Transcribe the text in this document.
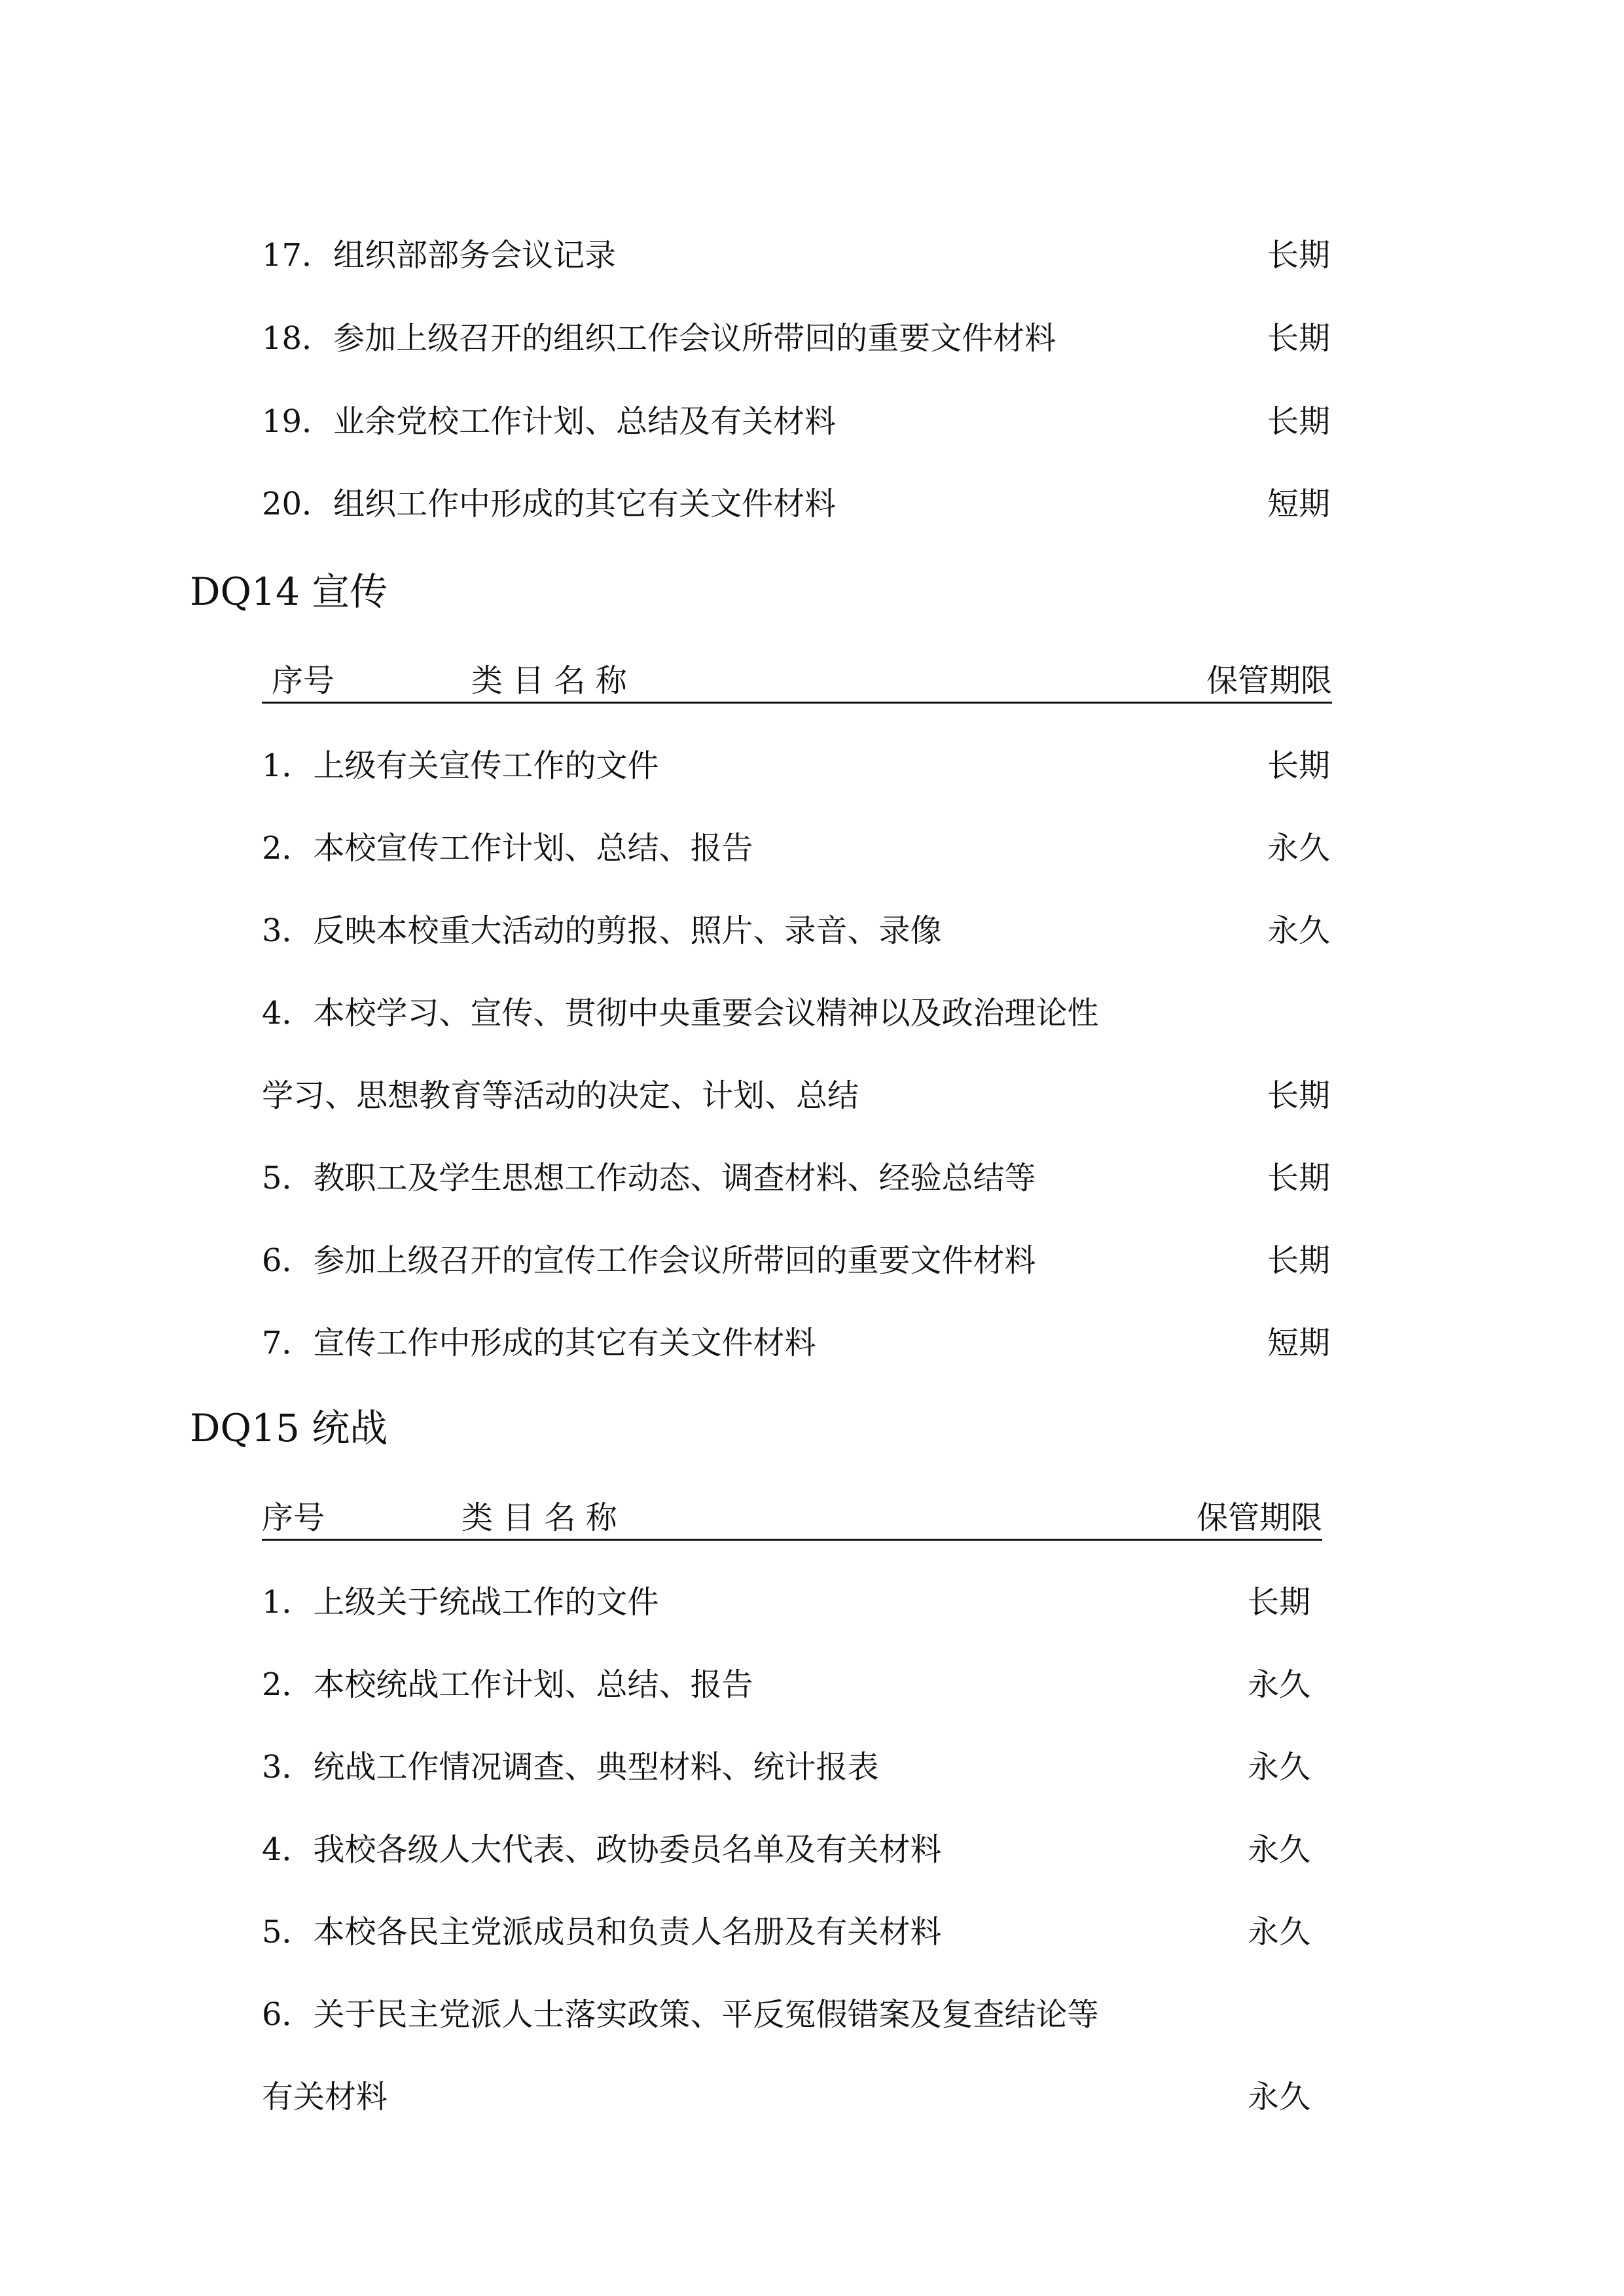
17．组织部部务会议记录	长期
18．参加上级召开的组织工作会议所带回的重要文件材料	长期
19．业余党校工作计划、总结及有关材料	长期
20．组织工作中形成的其它有关文件材料	短期
DQ14 宣传
序号	类 目 名 称	保管期限
1．上级有关宣传工作的文件	长期
2．本校宣传工作计划、总结、报告	永久
3．反映本校重大活动的剪报、照片、录音、录像	永久
4．本校学习、宣传、贯彻中央重要会议精神以及政治理论性
学习、思想教育等活动的决定、计划、总结	长期
5．教职工及学生思想工作动态、调查材料、经验总结等	长期
6．参加上级召开的宣传工作会议所带回的重要文件材料	长期
7．宣传工作中形成的其它有关文件材料	短期
DQ15 统战
序号	类 目 名 称	保管期限
1．上级关于统战工作的文件	长期
2．本校统战工作计划、总结、报告	永久
3．统战工作情况调查、典型材料、统计报表	永久
4．我校各级人大代表、政协委员名单及有关材料	永久
5．本校各民主党派成员和负责人名册及有关材料	永久
6．关于民主党派人士落实政策、平反冤假错案及复查结论等
有关材料	永久
